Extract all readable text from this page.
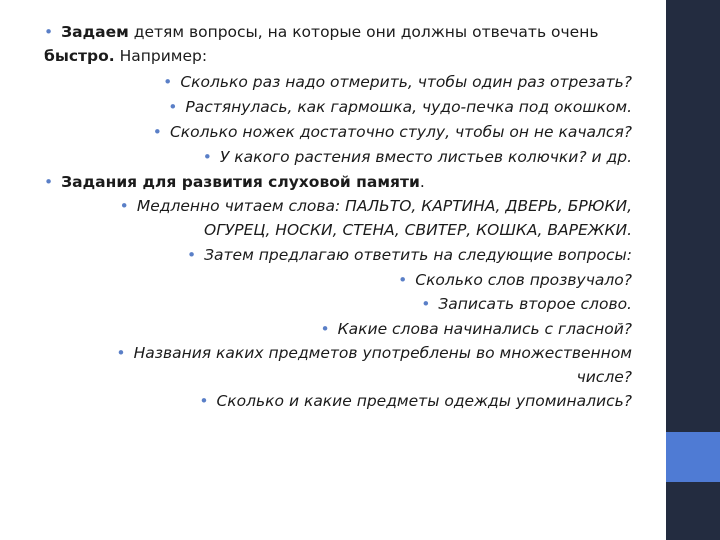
• Задаем детям вопросы, на которые они должны отвечать очень
быстро. Например:
• Сколько раз надо отмерить, чтобы один раз отрезать?
• Растянулась, как гармошка, чудо-печка под окошком.
• Сколько ножек достаточно стулу, чтобы он не качался?
• У какого растения вместо листьев колючки? и др.
• Задания для развития слуховой памяти.
• Медленно читаем слова: ПАЛЬТО, КАРТИНА, ДВЕРЬ, БРЮКИ,
ОГУРЕЦ, НОСКИ, СТЕНА, СВИТЕР, КОШКА, ВАРЕЖКИ.
• Затем предлагаю ответить на следующие вопросы:
• Сколько слов прозвучало?
• Записать второе слово.
• Какие слова начинались с гласной?
• Названия каких предметов употреблены во множественном
числе?
• Сколько и какие предметы одежды упоминались?
